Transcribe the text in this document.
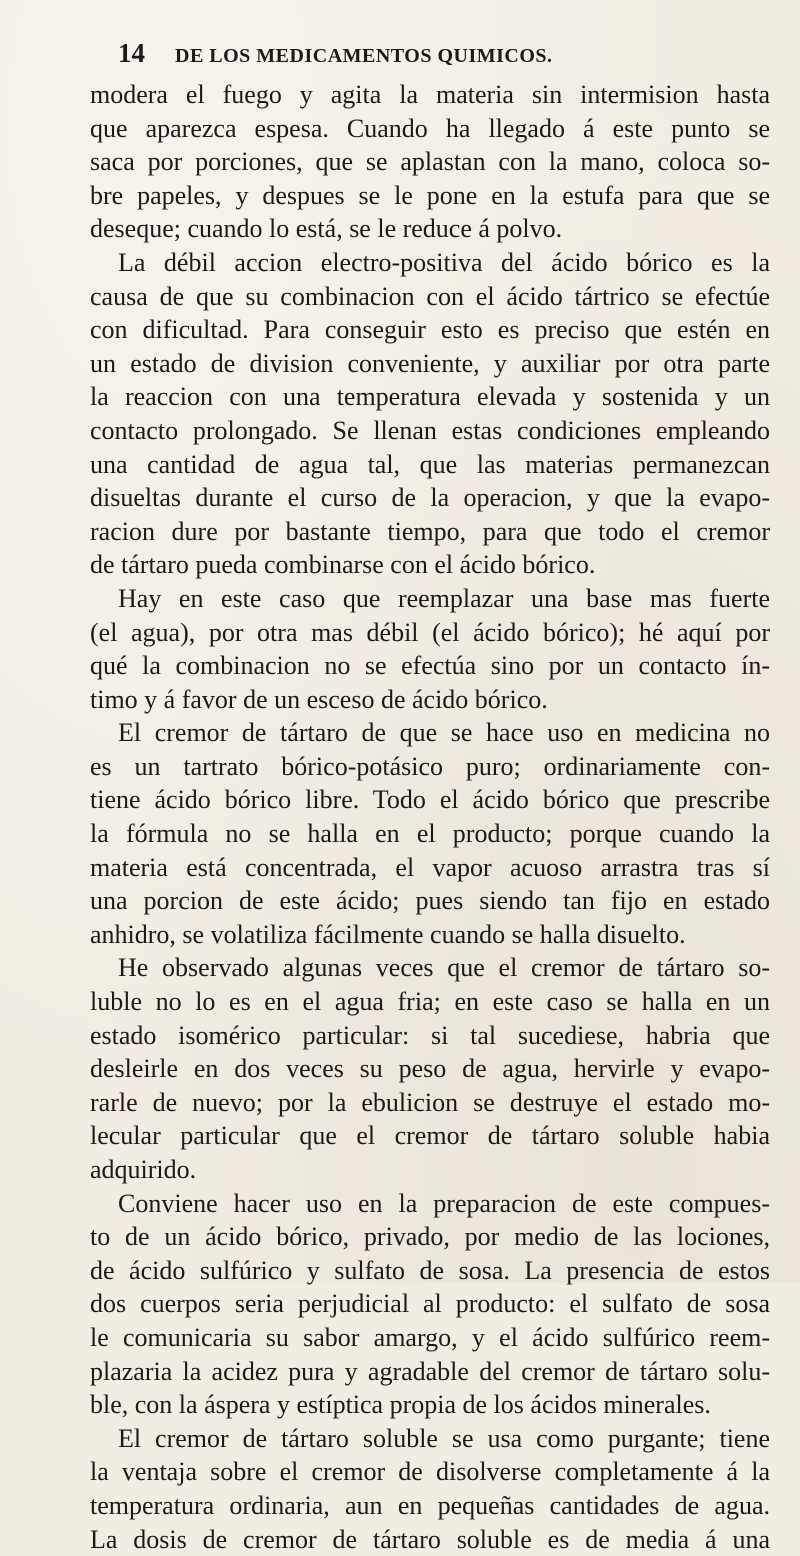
14 DE LOS MEDICAMENTOS QUIMICOS.
modera el fuego y agita la materia sin intermision hasta
que aparezca espesa. Cuando ha llegado á este punto se
saca por porciones, que se aplastan con la mano, coloca so-
bre papeles, y despues se le pone en la estufa para que se
deseque; cuando lo está, se le reduce á polvo.
La débil accion electro-positiva del ácido bórico es la
causa de que su combinacion con el ácido tártrico se efectúe
con dificultad. Para conseguir esto es preciso que estén en
un estado de division conveniente, y auxiliar por otra parte
la reaccion con una temperatura elevada y sostenida y un
contacto prolongado. Se llenan estas condiciones empleando
una cantidad de agua tal, que las materias permanezcan
disueltas durante el curso de la operacion, y que la evapo-
racion dure por bastante tiempo, para que todo el cremor
de tártaro pueda combinarse con el ácido bórico.
Hay en este caso que reemplazar una base mas fuerte
(el agua), por otra mas débil (el ácido bórico); hé aquí por
qué la combinacion no se efectúa sino por un contacto ín-
timo y á favor de un esceso de ácido bórico.
El cremor de tártaro de que se hace uso en medicina no
es un tartrato bórico-potásico puro; ordinariamente con-
tiene ácido bórico libre. Todo el ácido bórico que prescribe
la fórmula no se halla en el producto; porque cuando la
materia está concentrada, el vapor acuoso arrastra tras sí
una porcion de este ácido; pues siendo tan fijo en estado
anhidro, se volatiliza fácilmente cuando se halla disuelto.
He observado algunas veces que el cremor de tártaro so-
luble no lo es en el agua fria; en este caso se halla en un
estado isomérico particular: si tal sucediese, habria que
desleirle en dos veces su peso de agua, hervirle y evapo-
rarle de nuevo; por la ebulicion se destruye el estado mo-
lecular particular que el cremor de tártaro soluble habia
adquirido.
Conviene hacer uso en la preparacion de este compues-
to de un ácido bórico, privado, por medio de las lociones,
de ácido sulfúrico y sulfato de sosa. La presencia de estos
dos cuerpos seria perjudicial al producto: el sulfato de sosa
le comunicaria su sabor amargo, y el ácido sulfúrico reem-
plazaria la acidez pura y agradable del cremor de tártaro solu-
ble, con la áspera y estíptica propia de los ácidos minerales.
El cremor de tártaro soluble se usa como purgante; tiene
la ventaja sobre el cremor de disolverse completamente á la
temperatura ordinaria, aun en pequeñas cantidades de agua.
La dosis de cremor de tártaro soluble es de media á una
